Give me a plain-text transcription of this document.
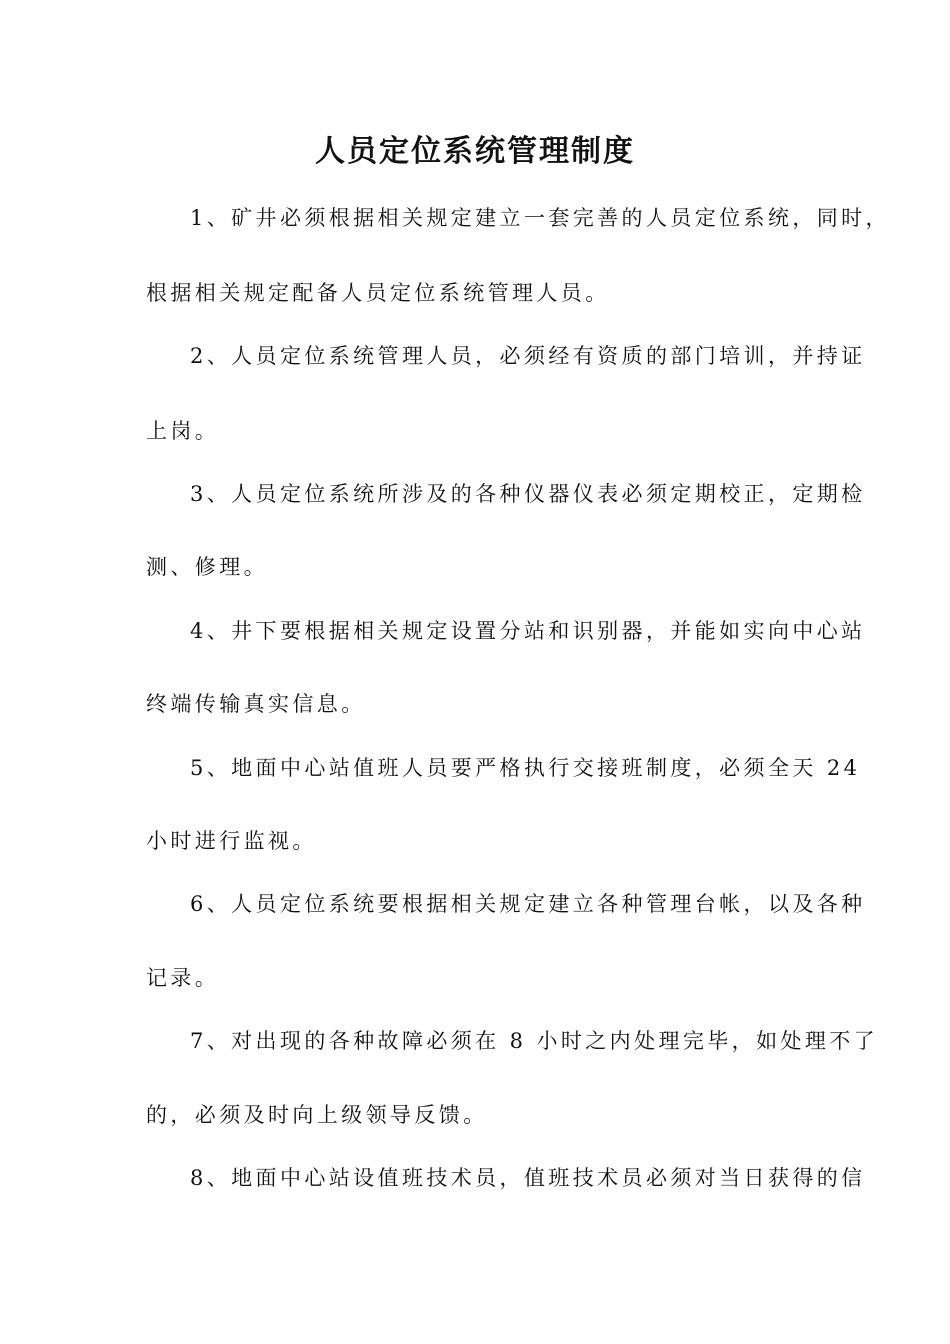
人员定位系统管理制度
1、矿井必须根据相关规定建立一套完善的人员定位系统，同时，
根据相关规定配备人员定位系统管理人员。
2、人员定位系统管理人员，必须经有资质的部门培训，并持证
上岗。
3、人员定位系统所涉及的各种仪器仪表必须定期校正，定期检
测、修理。
4、井下要根据相关规定设置分站和识别器，并能如实向中心站
终端传输真实信息。
5、地面中心站值班人员要严格执行交接班制度，必须全天 24
小时进行监视。
6、人员定位系统要根据相关规定建立各种管理台帐，以及各种
记录。
7、对出现的各种故障必须在 8 小时之内处理完毕，如处理不了
的，必须及时向上级领导反馈。
8、地面中心站设值班技术员，值班技术员必须对当日获得的信
